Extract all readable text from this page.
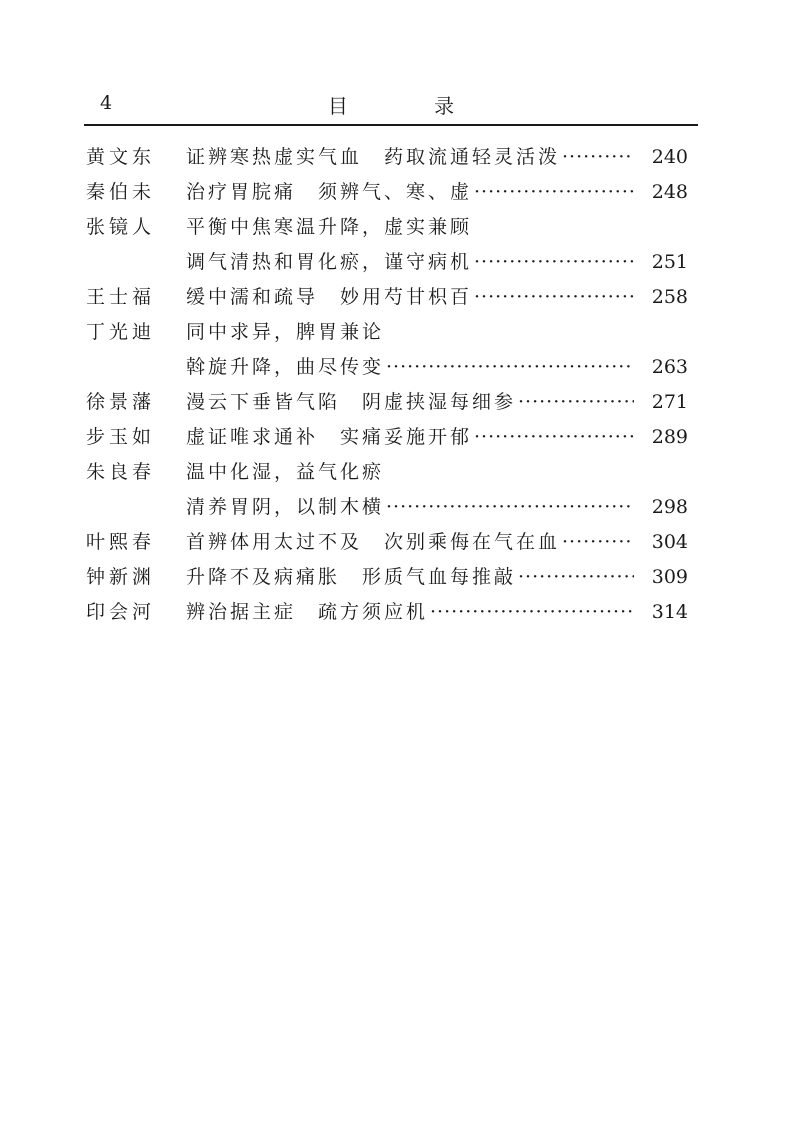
4	目 录
黄文东 证辨寒热虚实气血　药取流通轻灵活泼 ·····	240
秦伯未 治疗胃脘痛　须辨气、寒、虚 ·····	248
张镜人 平衡中焦寒温升降，虚实兼顾
调气清热和胃化瘀，谨守病机 ·····	251
王士福 缓中濡和疏导　妙用芍甘枳百 ·····	258
丁光迪 同中求异，脾胃兼论
斡旋升降，曲尽传变 ·····	263
徐景藩 漫云下垂皆气陷　阴虚挟湿每细参 ·····	271
步玉如 虚证唯求通补　实痛妥施开郁 ·····	289
朱良春 温中化湿，益气化瘀
清养胃阴，以制木横 ·····	298
叶熙春 首辨体用太过不及　次别乘侮在气在血 ·····	304
钟新渊 升降不及病痛胀　形质气血每推敲 ·····	309
印会河 辨治据主症　疏方须应机 ·····	314
